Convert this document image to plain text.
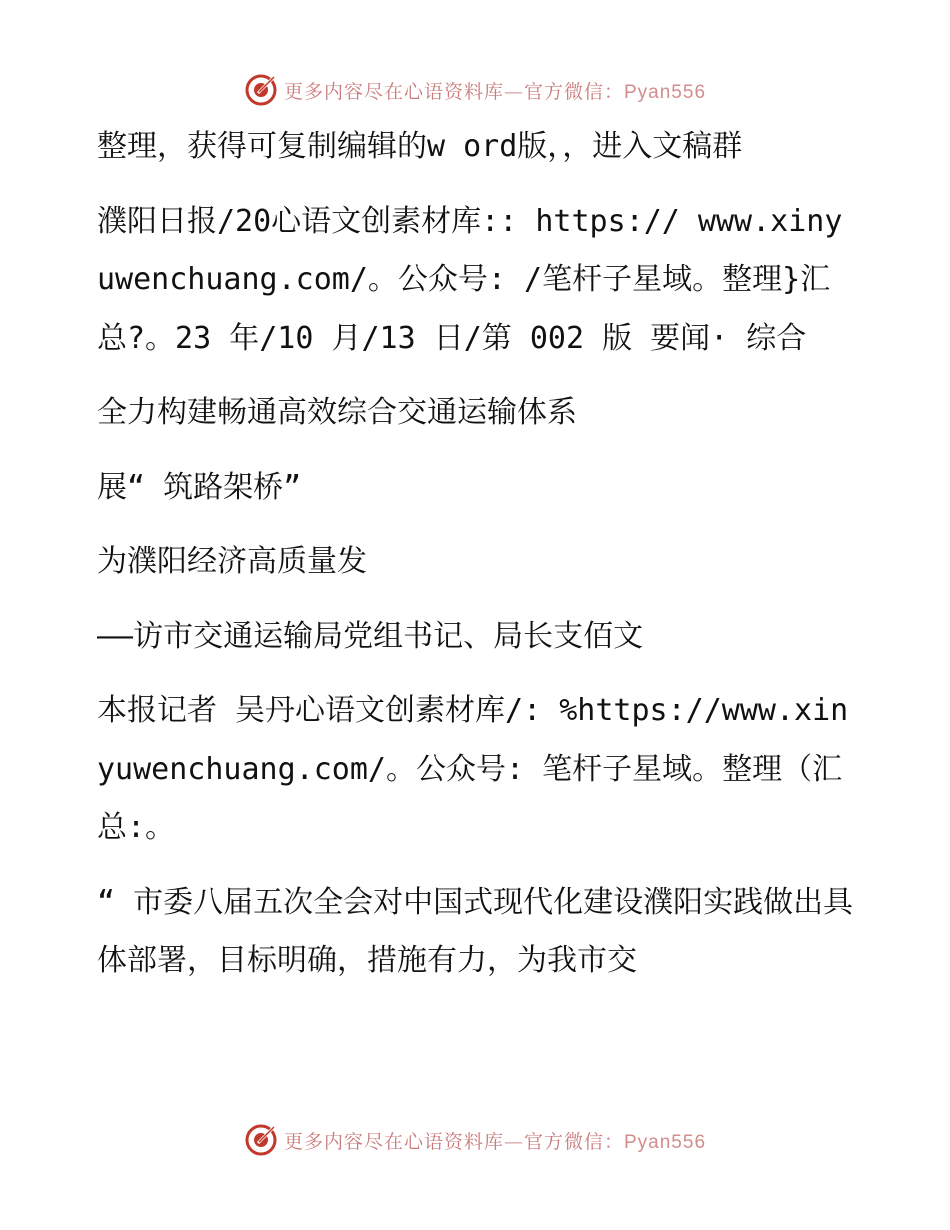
更多内容尽在心语资料库—官方微信：Pyan556

整理，获得可复制编辑的w ord版，，进入文稿群

濮阳日报/20心语文创素材库:: https:// www.xinyuwenchuang.com/。公众号: /笔杆子星域。整理}汇总?。23 年/10 月/13 日/第 002 版 要闻· 综合

全力构建畅通高效综合交通运输体系

展“ 筑路架桥”

为濮阳经济高质量发

——访市交通运输局党组书记、局长支佰文

本报记者 吴丹心语文创素材库/: %https://www.xinyuwenchuang.com/。公众号: 笔杆子星域。整理（汇总:。

“ 市委八届五次全会对中国式现代化建设濮阳实践做出具体部署，目标明确，措施有力，为我市交

更多内容尽在心语资料库—官方微信：Pyan556
